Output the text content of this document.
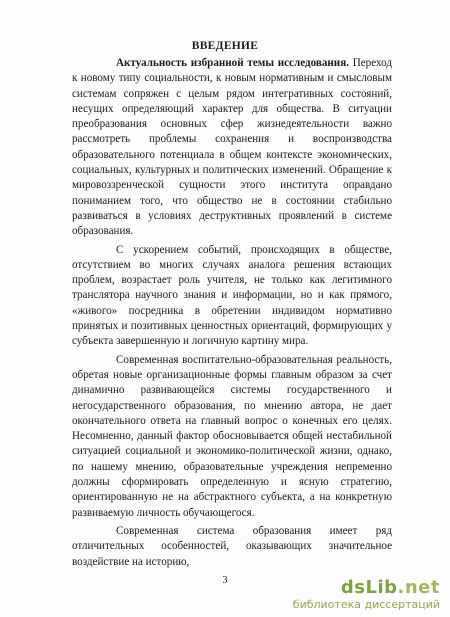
ВВЕДЕНИЕ

Актуальность избранной темы исследования. Переход к новому типу социальности, к новым нормативным и смысловым системам сопряжен с целым рядом интегративных состояний, несущих определяющий характер для общества. В ситуации преобразования основных сфер жизнедеятельности важно рассмотреть проблемы сохранения и воспроизводства образовательного потенциала в общем контексте экономических, социальных, культурных и политических изменений. Обращение к мировоззренческой сущности этого института оправдано пониманием того, что общество не в состоянии стабильно развиваться в условиях деструктивных проявлений в системе образования.

С ускорением событий, происходящих в обществе, отсутствием во многих случаях аналога решения встающих проблем, возрастает роль учителя, не только как легитимного транслятора научного знания и информации, но и как прямого, «живого» посредника в обретении индивидом нормативно принятых и позитивных ценностных ориентаций, формирующих у субъекта завершенную и логичную картину мира.

Современная воспитательно-образовательная реальность, обретая новые организационные формы главным образом за счет динамично развивающейся системы государственного и негосударственного образования, по мнению автора, не дает окончательного ответа на главный вопрос о конечных его целях. Несомненно, данный фактор обосновывается общей нестабильной ситуацией социальной и экономико-политической жизни, однако, по нашему мнению, образовательные учреждения непременно должны сформировать определенную и ясную стратегию, ориентированную не на абстрактного субъекта, а на конкретную развиваемую личность обучающегося.

Современная система образования имеет ряд отличительных особенностей, оказывающих значительное воздействие на историю,

3	dsLib.net
библиотека диссертаций
